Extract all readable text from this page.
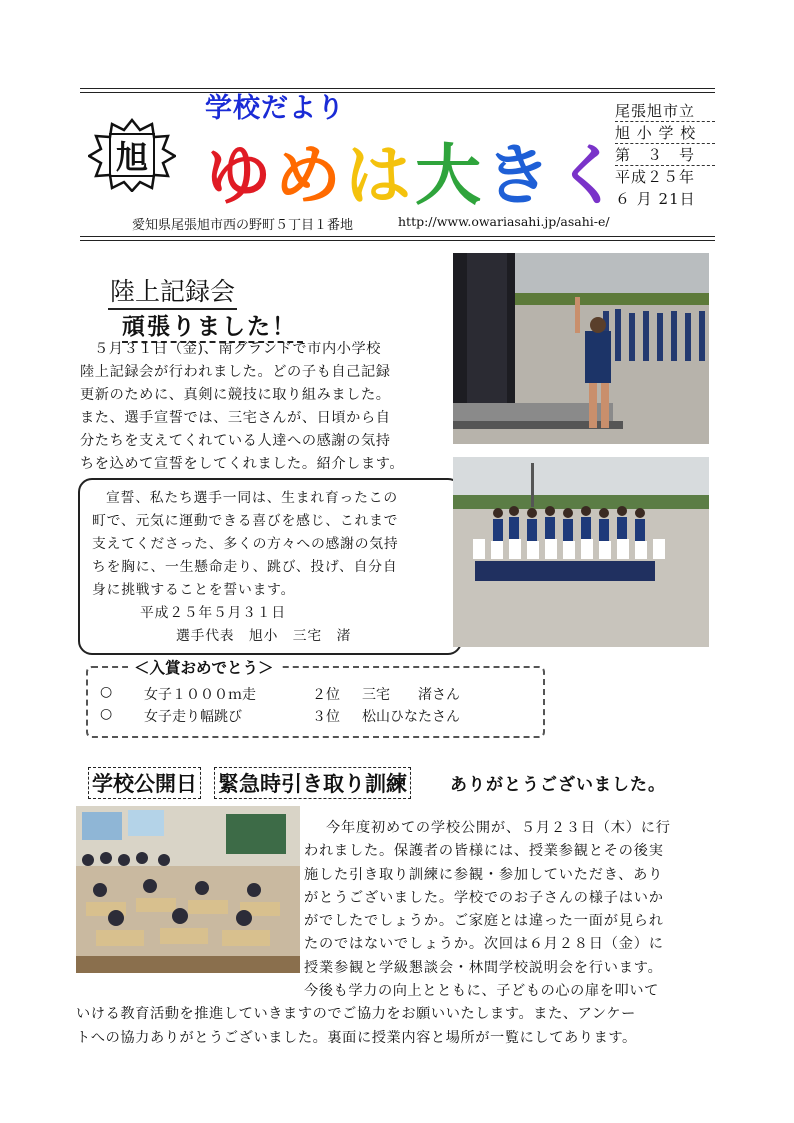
学校だより
旭 ゆめは大きく
尾張旭市立
旭 小 学 校
第　３　号
平成２５年
６ 月 21日
愛知県尾張旭市西の野町５丁目１番地	http://www.owariasahi.jp/asahi-e/
陸上記録会
頑張りました！

５月３１日（金)、南グランドで市内小学校

陸上記録会が行われました。どの子も自己記録

更新のために、真剣に競技に取り組みました。

また、選手宣誓では、三宅さんが、日頃から自

分たちを支えてくれている人達への感謝の気持

ちを込めて宣誓をしてくれました。紹介します。

宣誓、私たち選手一同は、生まれ育ったこの

町で、元気に運動できる喜びを感じ、これまで

支えてくださった、多くの方々への感謝の気持

ちを胸に、一生懸命走り、跳び、投げ、自分自

身に挑戦することを誓います。

平成２５年５月３１日

選手代表　旭小　三宅　渚

＜入賞おめでとう＞
○ 女子１０００ｍ走	２位 三宅　　渚さん
○ 女子走り幅跳び	３位 松山ひなたさん
学校公開日 緊急時引き取り訓練	ありがとうございました。

今年度初めての学校公開が、５月２３日（木）に行

われました。保護者の皆様には、授業参観とその後実

施した引き取り訓練に参観・参加していただき、あり

がとうございました。学校でのお子さんの様子はいか

がでしたでしょうか。ご家庭とは違った一面が見られ

たのではないでしょうか。次回は６月２８日（金）に

授業参観と学級懇談会・林間学校説明会を行います。

今後も学力の向上とともに、子どもの心の扉を叩いて

いける教育活動を推進していきますのでご協力をお願いいたします。また、アンケー

トへの協力ありがとうございました。裏面に授業内容と場所が一覧にしてあります。
